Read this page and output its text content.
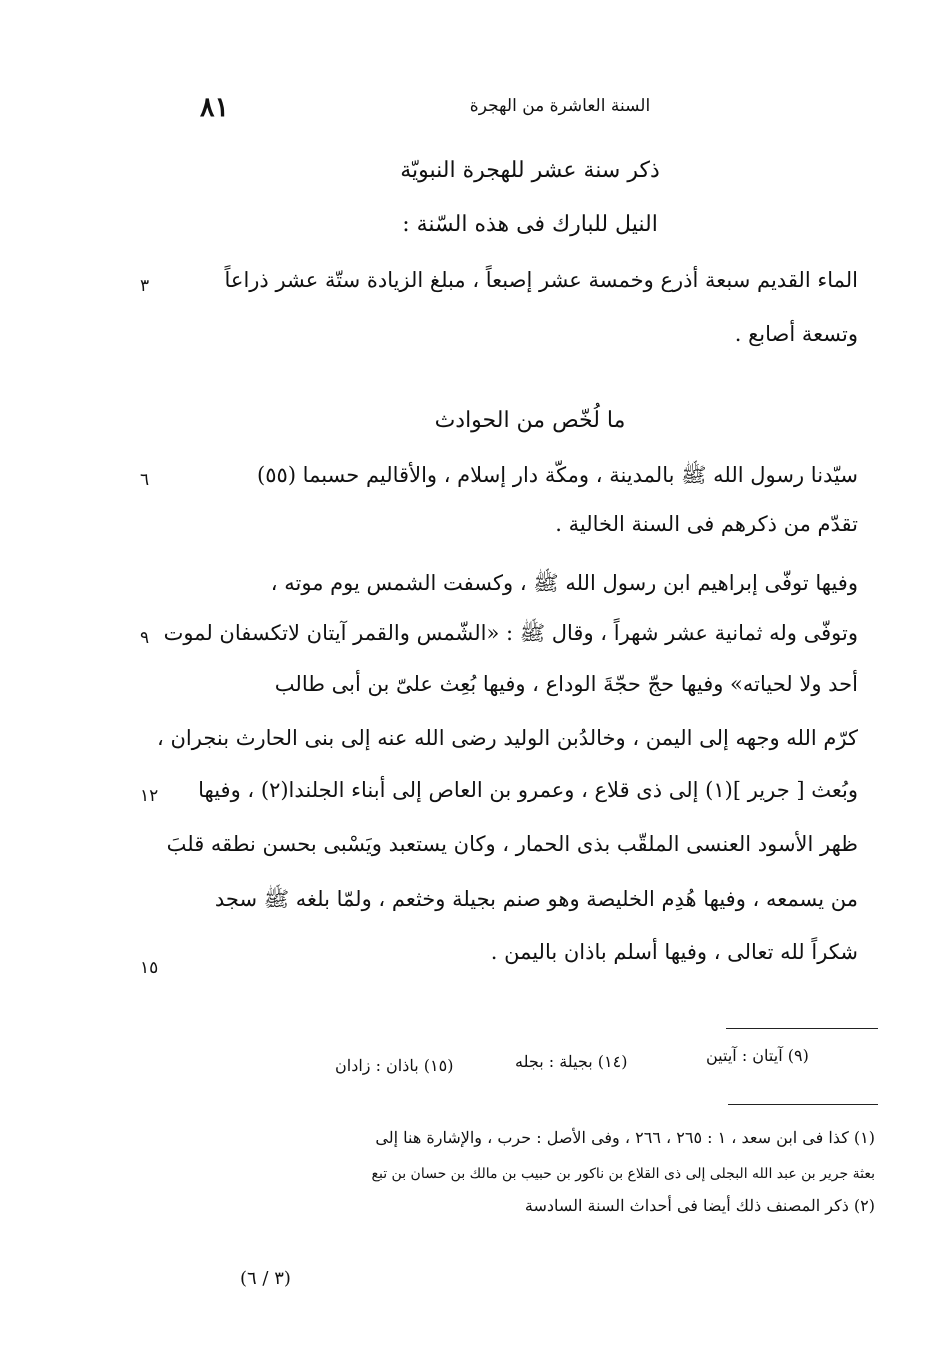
٨١	السنة العاشرة من الهجرة
ذكر سنة عشر للهجرة النبويّة
النيل للبارك فى هذه السّنة :
الماء القديم سبعة أذرع وخمسة عشر إصبعاً ، مبلغ الزيادة ستّة عشر ذراعاً
وتسعة أصابع .
ما لُخّص من الحوادث
سيّدنا رسول الله ﷺ بالمدينة ، ومكّة دار إسلام ، والأقاليم حسبما (٥٥)
تقدّم من ذكرهم فى السنة الخالية .
وفيها توفّى إبراهيم ابن رسول الله ﷺ ، وكسفت الشمس يوم موته ،
وتوفّى وله ثمانية عشر شهراً ، وقال ﷺ : «الشّمس والقمر آيتان لاتكسفان لموت
أحد ولا لحياته» وفيها حجّ حجّةَ الوداع ، وفيها بُعِث علىّ بن أبى طالب
كرّم الله وجهه إلى اليمن ، وخالدُبن الوليد رضى الله عنه إلى بنى الحارث بنجران ،
وبُعث [ جرير ](١) إلى ذى قلاع ، وعمرو بن العاص إلى أبناء الجلندا(٢) ، وفيها
ظهر الأسود العنسى الملقّب بذى الحمار ، وكان يستعبد ويَسْبى بحسن نطقه قلبَ
من يسمعه ، وفيها هُدِم الخليصة وهو صنم بجيلة وخثعم ، ولمّا بلغه ﷺ سجد
شكراً لله تعالى ، وفيها أسلم باذان باليمن .
٣
٦
٩
١٢
١٥
(٩) آيتان : آيتين
(١٤) بجيلة : بجله
(١٥) باذان : زادان
(١) كذا فى ابن سعد ، ١ : ٢٦٥ ، ٢٦٦ ، وفى الأصل : حرب ، والإشارة هنا إلى
بعثة جرير بن عبد الله البجلى إلى ذى القلاع بن ناكور بن حبيب بن مالك بن حسان بن تبع
(٢) ذكر المصنف ذلك أيضا فى أحداث السنة السادسة
(٣ / ٦)
